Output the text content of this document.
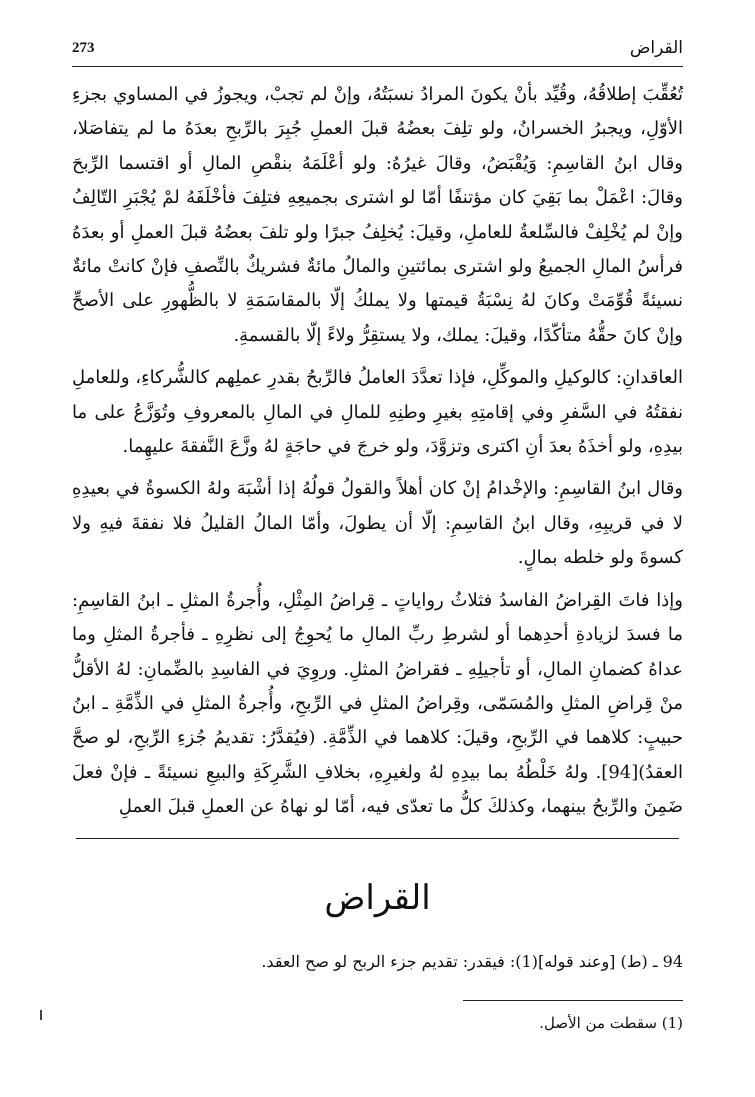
273	القراض

تُعُقِّبَ إطلاقُهُ، وقُيِّد بأنْ يكونَ المرادُ نسبَتُهُ، وإنْ لم تجبْ، ويجوزُ في المساوي بجزءِ الأوّلِ، ويجبرُ الخسرانُ، ولو تلِفَ بعضُهُ قبلَ العملِ جُبِرَ بالرِّبحِ بعدَهُ ما لم يتفاصَلا، وقال ابنُ القاسِمِ: وَيُقْبَضُ، وقالَ غيرُهُ: ولو أعْلَمَهُ بنقْصِ المالِ أو اقتسما الرِّبحَ وقالَ: اعْمَلْ بما بَقِيَ كان مؤتنفًا أمّا لو اشترى بجميعِهِ فتلِفَ فأخْلَفَهُ لمْ يُجْبَرِ التّالِفُ وإنْ لم يُخْلِفْ فالسِّلعةُ للعاملِ، وقيلَ: يُخلِفُ جبرًا ولو تلفَ بعضُهُ قبلَ العملِ أو بعدَهُ فرأسُ المالِ الجميعُ ولو اشترى بمائتينِ والمالُ مائةٌ فشريكٌ بالنِّصفِ فإنْ كانتْ مائةٌ نسيئةً قُوِّمَتْ وكانَ لهُ نِسْبَةُ قيمتها ولا يملكُ إلّا بالمقاسَمَةِ لا بالظُّهورِ على الأصحِّ وإنْ كانَ حقُّهُ متأكّدًا، وقيلَ: يملك، ولا يستقِرُّ ولاءً إلّا بالقسمةِ.

العاقدانِ: كالوكيلِ والموكِّلِ، فإذا تعدَّدَ العاملُ فالرِّبحُ بقدرِ عملِهم كالشُّركاءِ، وللعاملِ نفقتُهُ في السَّفرِ وفي إقامتِهِ بغيرِ وطنِهِ للمالِ في المالِ بالمعروفِ وتُوَزَّعُ على ما بيدِهِ، ولو أخذَهُ بعدَ أنِ اكترى وتزوَّدَ، ولو خرجَ في حاجَةٍ لهُ وزَّعَ النَّفقةَ عليهِما.

وقال ابنُ القاسِمِ: والإخْدامُ إنْ كان أهلاً والقولُ قولُهُ إذا أشْبَهَ ولهُ الكسوةُ في بعيدِهِ لا في قريبِهِ، وقال ابنُ القاسِمِ: إلّا أن يطولَ، وأمّا المالُ القليلُ فلا نفقةَ فيهِ ولا كسوةَ ولو خلطه بمالٍ.

وإذا فاتَ القِراضُ الفاسدُ فثلاثُ رواياتٍ ـ قِراضُ المِثْلِ، وأُجرةُ المثلِ ـ ابنُ القاسِمِ: ما فسدَ لزيادةِ أحدِهما أو لشرطِ ربِّ المالِ ما يُحوِجُ إلى نظرِهِ ـ فأجرةُ المثلِ وما عداهُ كضمانِ المالِ، أو تأجيلِهِ ـ فقراضُ المثلِ. وروِيَ في الفاسِدِ بالضِّمانِ: لهُ الأقلُّ منْ قِراضِ المثلِ والمُسَمّى، وقِراضُ المثلِ في الرِّبحِ، وأُجرةُ المثلِ في الذِّمَّةِ ـ ابنُ حبيبٍ: كلاهما في الرِّبحِ، وقيلَ: كلاهما في الذِّمَّةِ. (فيُقدَّرُ: تقديمُ جُزءِ الرِّبحِ، لو صحَّ العقدُ)[94]. ولهُ خَلْطُهُ بما بيدِهِ لهُ ولغيرِهِ، بخلافِ الشَّرِكَةِ والبيعِ نسيئةً ـ فإنْ فعلَ ضَمِنَ والرِّبحُ بينهما، وكذلكَ كلُّ ما تعدّى فيه، أمّا لو نهاهُ عن العملِ قبلَ العملِ

القراض
94 ـ (ط) [وعند قوله](1): فيقدر: تقديم جزء الربح لو صح العقد.
(1) سقطت من الأصل.
